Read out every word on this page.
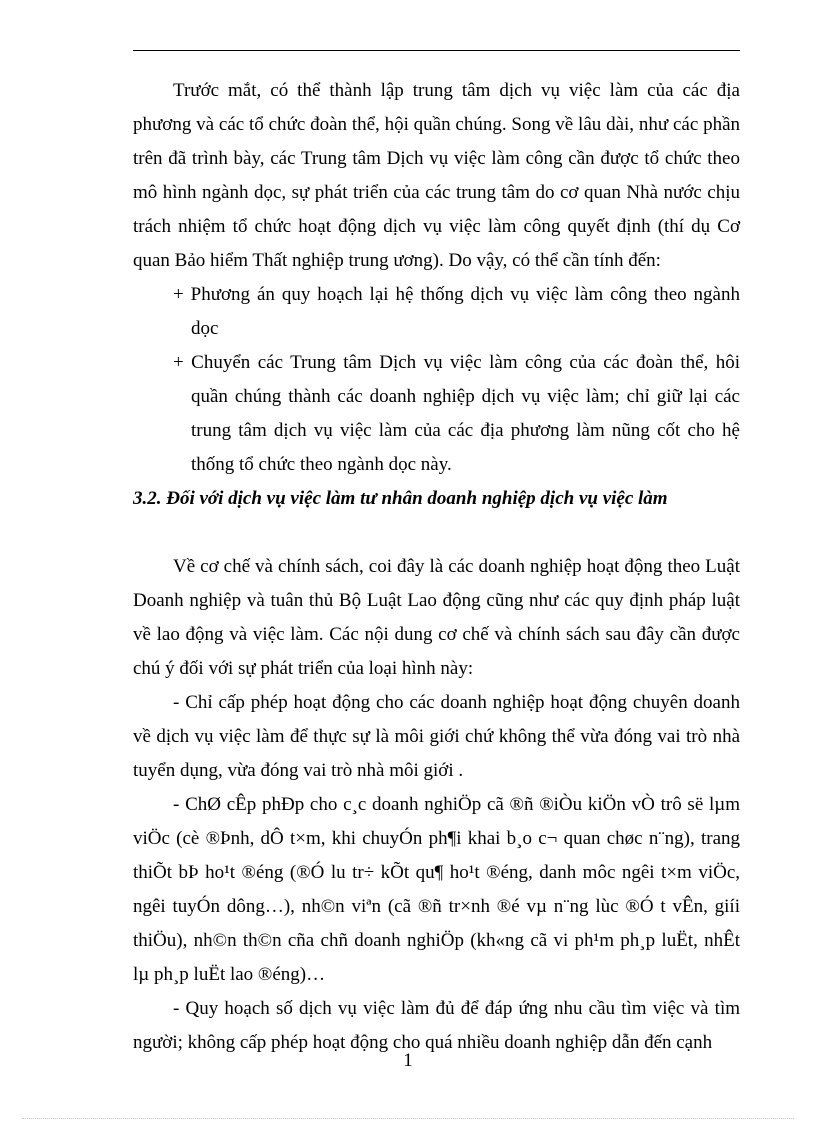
Trước mắt, có thể thành lập trung tâm dịch vụ việc làm của các địa phương và các tổ chức đoàn thể, hội quần chúng. Song về lâu dài, như các phần trên đã trình bày, các Trung tâm Dịch vụ việc làm công cần được tổ chức theo mô hình ngành dọc, sự phát triển của các trung tâm do cơ quan Nhà nước chịu trách nhiệm tổ chức hoạt động dịch vụ việc làm công quyết định (thí dụ Cơ quan Bảo hiểm Thất nghiệp trung ương). Do vậy, có thể cần tính đến:

+ Phương án quy hoạch lại hệ thống dịch vụ việc làm công theo ngành dọc

+ Chuyển các Trung tâm Dịch vụ việc làm công của các đoàn thể, hôi quần chúng thành các doanh nghiệp dịch vụ việc làm; chỉ giữ lại các trung tâm dịch vụ việc làm của các địa phương làm nũng cốt cho hệ thống tổ chức theo ngành dọc này.

3.2. Đối với dịch vụ việc làm tư nhân doanh nghiệp dịch vụ việc làm

Về cơ chế và chính sách, coi đây là các doanh nghiệp hoạt động theo Luật Doanh nghiệp và tuân thủ Bộ Luật Lao động cũng như các quy định pháp luật về lao động và việc làm. Các nội dung cơ chế và chính sách sau đây cần được chú ý đối với sự phát triển của loại hình này:

- Chỉ cấp phép hoạt động cho các doanh nghiệp hoạt động chuyên doanh về dịch vụ việc làm để thực sự là môi giới chứ không thể vừa đóng vai trò nhà tuyển dụng, vừa đóng vai trò nhà môi giới .

- ChØ cÊp phÐp cho c¸c doanh nghiÖp cã ®ñ ®iÒu kiÖn vÒ trô së lµm viÖc (cè ®Þnh, dÔ t×m, khi chuyÓn ph¶i khai b¸o c¬ quan chøc n¨ng), trang thiÕt bÞ ho¹t ®éng (®Ó lu tr÷ kÕt qu¶ ho¹t ®éng, danh môc ngêi t×m viÖc, ngêi tuyÓn dông…), nh©n viªn (cã ®ñ tr×nh ®é vµ n¨ng lùc ®Ó t vÊn, giíi thiÖu), nh©n th©n cña chñ doanh nghiÖp (kh«ng cã vi ph¹m ph¸p luËt, nhÊt lµ ph¸p luËt lao ®éng)…

- Quy hoạch số dịch vụ việc làm đủ để đáp ứng nhu cầu tìm việc và tìm người; không cấp phép hoạt động cho quá nhiều doanh nghiệp dẫn đến cạnh

1
